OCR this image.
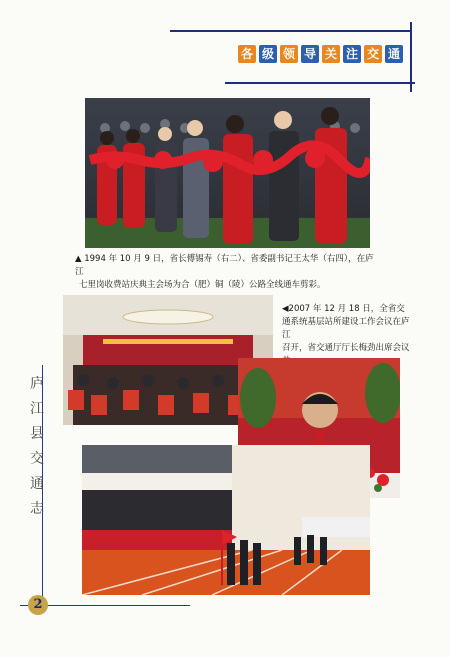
各 级 领 导 关 注 交 通
▲ 1994 年 10 月 9 日，省长傅锡寿（右二）、省委副书记王太华（右四），在庐江
七里岗收费站庆典主会场为合（肥）铜（陵）公路全线通车剪彩。
◀2007 年 12 月 18 日，全省交
通系统基层站所建设工作会议在庐江
召开，省交通厅厅长梅劲出席会议
庐
江
县
交
通
志
2
